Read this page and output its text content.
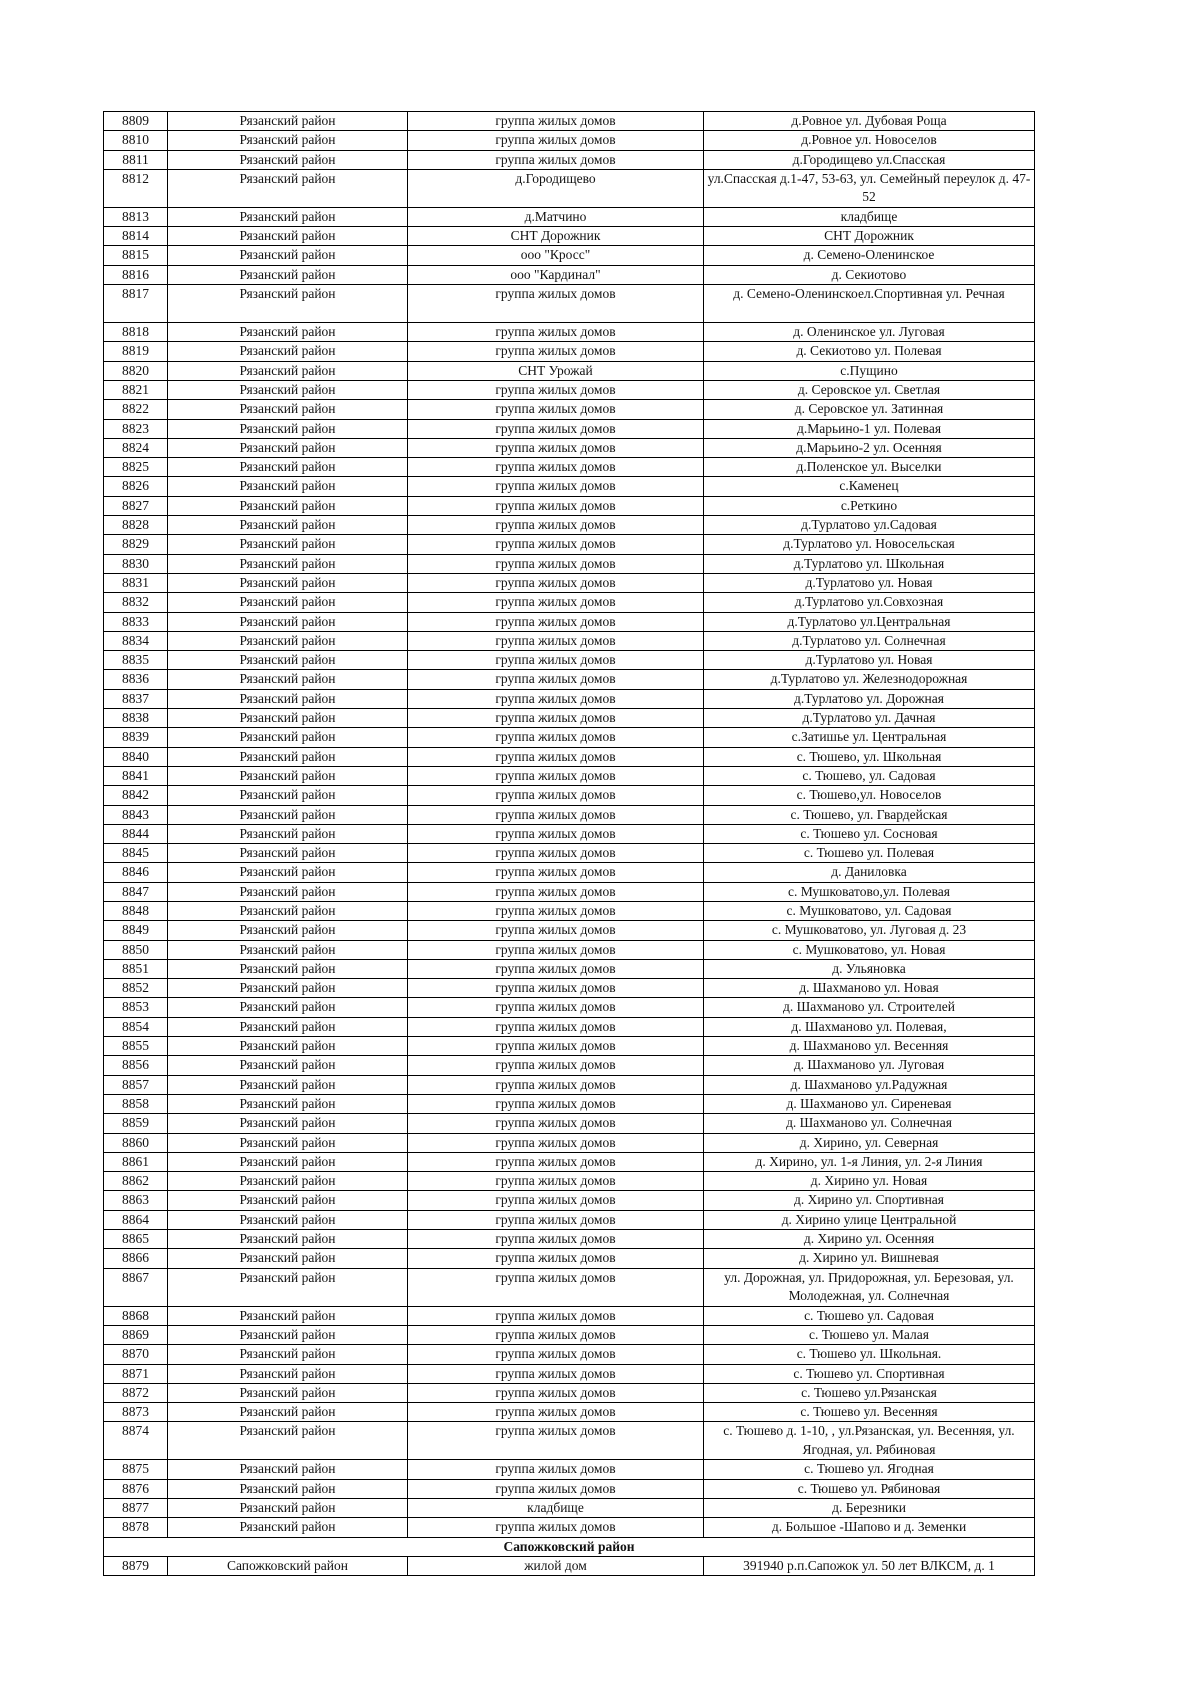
8809	Рязанский район	группа жилых домов	д.Ровное ул. Дубовая Роща
8810	Рязанский район	группа жилых домов	д.Ровное ул. Новоселов
8811	Рязанский район	группа жилых домов	д.Городищево ул.Спасская
8812	Рязанский район	д.Городищево	ул.Спасская д.1-47, 53-63, ул. Семейный переулок д. 47-52
8813	Рязанский район	д.Матчино	кладбище
8814	Рязанский район	СНТ Дорожник	СНТ Дорожник
8815	Рязанский район	ооо "Кросс"	д. Семено-Оленинское
8816	Рязанский район	ооо "Кардинал"	д. Секиотово
8817	Рязанский район	группа жилых домов	д. Семено-Оленинскоел.Спортивная ул. Речная
8818	Рязанский район	группа жилых домов	д. Оленинское ул. Луговая
8819	Рязанский район	группа жилых домов	д. Секиотово ул. Полевая
8820	Рязанский район	СНТ Урожай	с.Пущино
8821	Рязанский район	группа жилых домов	д. Серовское ул. Светлая
8822	Рязанский район	группа жилых домов	д. Серовское ул. Затинная
8823	Рязанский район	группа жилых домов	д.Марьино-1 ул. Полевая
8824	Рязанский район	группа жилых домов	д.Марьино-2 ул. Осенняя
8825	Рязанский район	группа жилых домов	д.Поленское ул. Выселки
8826	Рязанский район	группа жилых домов	с.Каменец
8827	Рязанский район	группа жилых домов	с.Реткино
8828	Рязанский район	группа жилых домов	д.Турлатово ул.Садовая
8829	Рязанский район	группа жилых домов	д.Турлатово ул. Новосельская
8830	Рязанский район	группа жилых домов	д.Турлатово ул. Школьная
8831	Рязанский район	группа жилых домов	д.Турлатово ул. Новая
8832	Рязанский район	группа жилых домов	д.Турлатово ул.Совхозная
8833	Рязанский район	группа жилых домов	д.Турлатово ул.Центральная
8834	Рязанский район	группа жилых домов	д.Турлатово ул. Солнечная
8835	Рязанский район	группа жилых домов	д.Турлатово ул. Новая
8836	Рязанский район	группа жилых домов	д.Турлатово ул. Железнодорожная
8837	Рязанский район	группа жилых домов	д.Турлатово ул. Дорожная
8838	Рязанский район	группа жилых домов	д.Турлатово ул. Дачная
8839	Рязанский район	группа жилых домов	с.Затишье ул. Центральная
8840	Рязанский район	группа жилых домов	с. Тюшево, ул. Школьная
8841	Рязанский район	группа жилых домов	с. Тюшево, ул. Садовая
8842	Рязанский район	группа жилых домов	с. Тюшево,ул. Новоселов
8843	Рязанский район	группа жилых домов	с. Тюшево, ул. Гвардейская
8844	Рязанский район	группа жилых домов	с. Тюшево ул. Сосновая
8845	Рязанский район	группа жилых домов	с. Тюшево ул. Полевая
8846	Рязанский район	группа жилых домов	д. Даниловка
8847	Рязанский район	группа жилых домов	с. Мушковатово,ул. Полевая
8848	Рязанский район	группа жилых домов	с. Мушковатово, ул. Садовая
8849	Рязанский район	группа жилых домов	с. Мушковатово, ул. Луговая д. 23
8850	Рязанский район	группа жилых домов	с. Мушковатово, ул. Новая
8851	Рязанский район	группа жилых домов	д. Ульяновка
8852	Рязанский район	группа жилых домов	д. Шахманово ул. Новая
8853	Рязанский район	группа жилых домов	д. Шахманово ул. Строителей
8854	Рязанский район	группа жилых домов	д. Шахманово ул. Полевая,
8855	Рязанский район	группа жилых домов	д. Шахманово ул. Весенняя
8856	Рязанский район	группа жилых домов	д. Шахманово ул. Луговая
8857	Рязанский район	группа жилых домов	д. Шахманово ул.Радужная
8858	Рязанский район	группа жилых домов	д. Шахманово ул. Сиреневая
8859	Рязанский район	группа жилых домов	д. Шахманово ул. Солнечная
8860	Рязанский район	группа жилых домов	д. Хирино, ул. Северная
8861	Рязанский район	группа жилых домов	д. Хирино, ул. 1-я Линия, ул. 2-я Линия
8862	Рязанский район	группа жилых домов	д. Хирино ул. Новая
8863	Рязанский район	группа жилых домов	д. Хирино ул. Спортивная
8864	Рязанский район	группа жилых домов	д. Хирино улице Центральной
8865	Рязанский район	группа жилых домов	д. Хирино ул. Осенняя
8866	Рязанский район	группа жилых домов	д. Хирино ул. Вишневая
8867	Рязанский район	группа жилых домов	ул. Дорожная, ул. Придорожная, ул. Березовая, ул. Молодежная, ул. Солнечная
8868	Рязанский район	группа жилых домов	с. Тюшево ул. Садовая
8869	Рязанский район	группа жилых домов	с. Тюшево ул. Малая
8870	Рязанский район	группа жилых домов	с. Тюшево ул. Школьная.
8871	Рязанский район	группа жилых домов	с. Тюшево ул. Спортивная
8872	Рязанский район	группа жилых домов	с. Тюшево ул.Рязанская
8873	Рязанский район	группа жилых домов	с. Тюшево ул. Весенняя
8874	Рязанский район	группа жилых домов	с. Тюшево д. 1-10, , ул.Рязанская, ул. Весенняя, ул. Ягодная, ул. Рябиновая
8875	Рязанский район	группа жилых домов	с. Тюшево ул. Ягодная
8876	Рязанский район	группа жилых домов	с. Тюшево ул. Рябиновая
8877	Рязанский район	кладбище	д. Березники
8878	Рязанский район	группа жилых домов	д. Большое -Шапово и д. Земенки
Сапожковский район			
8879	Сапожковский район	жилой дом	391940 р.п.Сапожок ул. 50 лет ВЛКСМ, д. 1
